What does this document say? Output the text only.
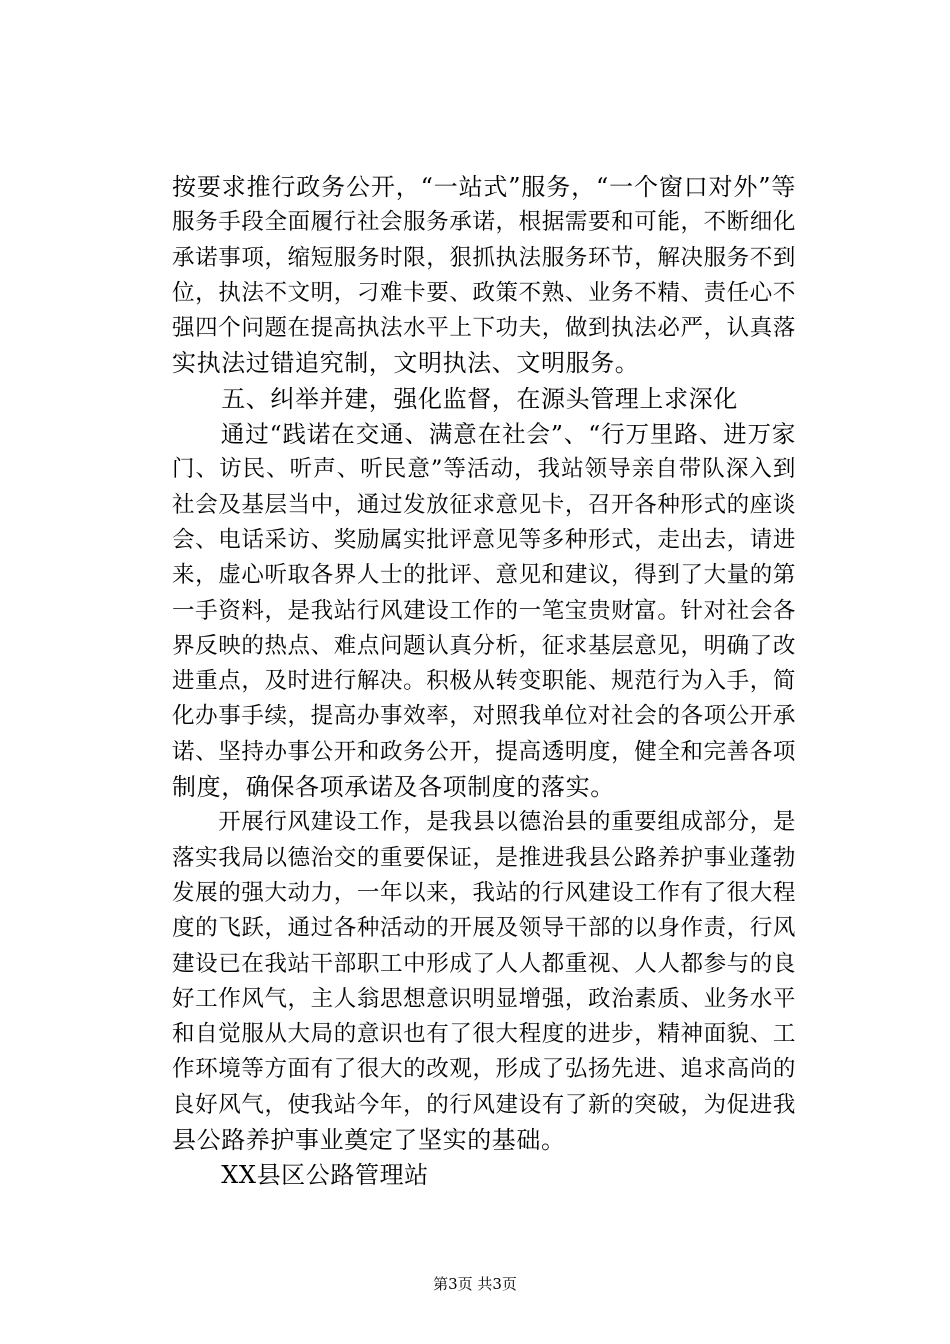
按要求推行政务公开，“一站式”服务，“一个窗口对外”等
服务手段全面履行社会服务承诺，根据需要和可能，不断细化
承诺事项，缩短服务时限，狠抓执法服务环节，解决服务不到
位，执法不文明，刁难卡要、政策不熟、业务不精、责任心不
强四个问题在提高执法水平上下功夫，做到执法必严，认真落
实执法过错追究制，文明执法、文明服务。
　　五、纠举并建，强化监督，在源头管理上求深化
　　通过“践诺在交通、满意在社会”、“行万里路、进万家
门、访民、听声、听民意”等活动，我站领导亲自带队深入到
社会及基层当中，通过发放征求意见卡，召开各种形式的座谈
会、电话采访、奖励属实批评意见等多种形式，走出去，请进
来，虚心听取各界人士的批评、意见和建议，得到了大量的第
一手资料，是我站行风建设工作的一笔宝贵财富。针对社会各
界反映的热点、难点问题认真分析，征求基层意见，明确了改
进重点，及时进行解决。积极从转变职能、规范行为入手，简
化办事手续，提高办事效率，对照我单位对社会的各项公开承
诺、坚持办事公开和政务公开，提高透明度，健全和完善各项
制度，确保各项承诺及各项制度的落实。
　　开展行风建设工作，是我县以德治县的重要组成部分，是
落实我局以德治交的重要保证，是推进我县公路养护事业蓬勃
发展的强大动力，一年以来，我站的行风建设工作有了很大程
度的飞跃，通过各种活动的开展及领导干部的以身作责，行风
建设已在我站干部职工中形成了人人都重视、人人都参与的良
好工作风气，主人翁思想意识明显增强，政治素质、业务水平
和自觉服从大局的意识也有了很大程度的进步，精神面貌、工
作环境等方面有了很大的改观，形成了弘扬先进、追求高尚的
良好风气，使我站今年，的行风建设有了新的突破，为促进我
县公路养护事业奠定了坚实的基础。
　　XX县区公路管理站
第3页 共3页
